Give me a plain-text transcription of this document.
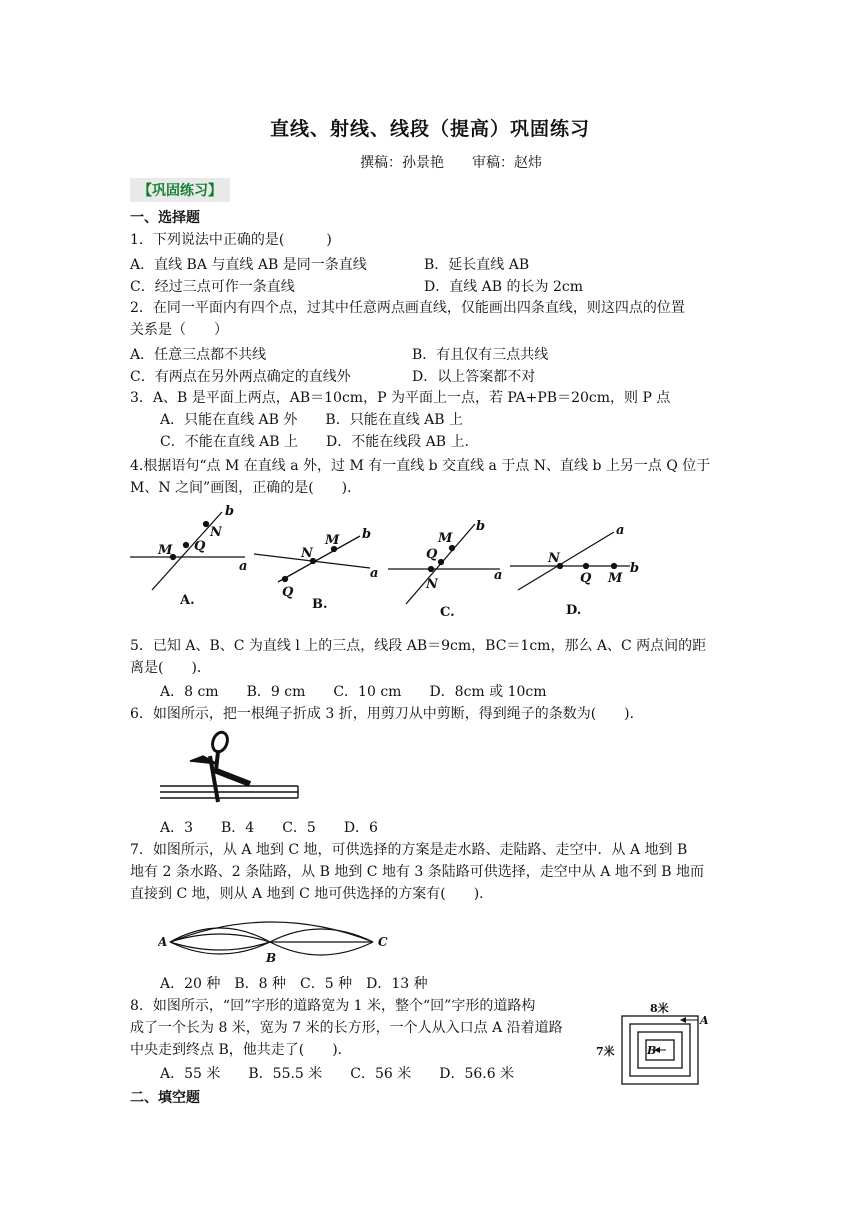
直线、射线、线段（提高）巩固练习
撰稿：孙景艳 审稿：赵炜
【巩固练习】
一、选择题
1．下列说法中正确的是(　　　)
A．直线 BA 与直线 AB 是同一条直线	B．延长直线 AB
C．经过三点可作一条直线	D．直线 AB 的长为 2cm
2．在同一平面内有四个点，过其中任意两点画直线，仅能画出四条直线，则这四点的位置
关系是（　　）
A．任意三点都不共线	B．有且仅有三点共线
C．有两点在另外两点确定的直线外	D．以上答案都不对
3．A、B 是平面上两点，AB＝10cm，P 为平面上一点，若 PA+PB＝20cm，则 P 点
A．只能在直线 AB 外　　B．只能在直线 AB 上
C．不能在直线 AB 上　　D．不能在线段 AB 上.
4.根据语句“点 M 在直线 a 外，过 M 有一直线 b 交直线 a 于点 N、直线 b 上另一点 Q 位于
M、N 之间”画图，正确的是(　　)．
M Q
N
b
a
A.
N
M b
a
Q
B.
M
Q
N
b
a
C.
N
Q M
b
a
D.
5．已知 A、B、C 为直线 l 上的三点，线段 AB＝9cm，BC＝1cm，那么 A、C 两点间的距
离是(　　)．
A．8 cm　　B．9 cm　　C．10 cm　　D．8cm 或 10cm
6．如图所示，把一根绳子折成 3 折，用剪刀从中剪断，得到绳子的条数为(　　)．
A．3　　B．4　　C．5　　D．6
7．如图所示，从 A 地到 C 地，可供选择的方案是走水路、走陆路、走空中．从 A 地到 B
地有 2 条水路、2 条陆路，从 B 地到 C 地有 3 条陆路可供选择，走空中从 A 地不到 B 地而
直接到 C 地，则从 A 地到 C 地可供选择的方案有(　　)．
A
B
C
A．20 种　B．8 种　C．5 种　D．13 种
8．如图所示，“回”字形的道路宽为 1 米，整个“回”字形的道路构
成了一个长为 8 米，宽为 7 米的长方形，一个人从入口点 A 沿着道路
中央走到终点 B，他共走了(　　)．
A．55 米　　B．55.5 米　　C．56 米　　D．56.6 米
8米
7米
A
B
二、填空题
